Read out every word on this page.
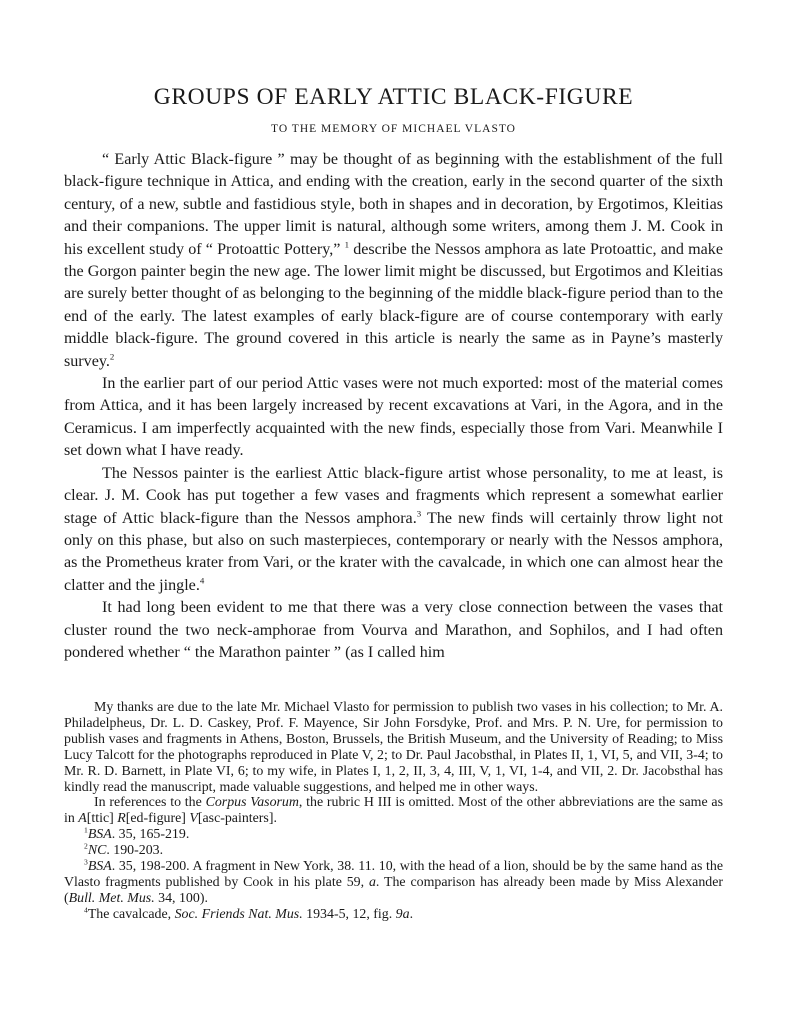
GROUPS OF EARLY ATTIC BLACK-FIGURE
TO THE MEMORY OF MICHAEL VLASTO

“ Early Attic Black-figure ” may be thought of as beginning with the establishment of the full black-figure technique in Attica, and ending with the creation, early in the second quarter of the sixth century, of a new, subtle and fastidious style, both in shapes and in decoration, by Ergotimos, Kleitias and their companions. The upper limit is natural, although some writers, among them J. M. Cook in his excellent study of “ Protoattic Pottery,” $^1$ describe the Nessos amphora as late Protoattic, and make the Gorgon painter begin the new age. The lower limit might be discussed, but Ergotimos and Kleitias are surely better thought of as belonging to the beginning of the middle black-figure period than to the end of the early. The latest examples of early black-figure are of course contemporary with early middle black-figure. The ground covered in this article is nearly the same as in Payne’s masterly survey.$^2$

In the earlier part of our period Attic vases were not much exported: most of the material comes from Attica, and it has been largely increased by recent excavations at Vari, in the Agora, and in the Ceramicus. I am imperfectly acquainted with the new finds, especially those from Vari. Meanwhile I set down what I have ready.

The Nessos painter is the earliest Attic black-figure artist whose personality, to me at least, is clear. J. M. Cook has put together a few vases and fragments which represent a somewhat earlier stage of Attic black-figure than the Nessos amphora.$^3$ The new finds will certainly throw light not only on this phase, but also on such masterpieces, contemporary or nearly with the Nessos amphora, as the Prometheus krater from Vari, or the krater with the cavalcade, in which one can almost hear the clatter and the jingle.$^4$

It had long been evident to me that there was a very close connection between the vases that cluster round the two neck-amphorae from Vourva and Marathon, and Sophilos, and I had often pondered whether “ the Marathon painter ” (as I called him

My thanks are due to the late Mr. Michael Vlasto for permission to publish two vases in his collection; to Mr. A. Philadelpheus, Dr. L. D. Caskey, Prof. F. Mayence, Sir John Forsdyke, Prof. and Mrs. P. N. Ure, for permission to publish vases and fragments in Athens, Boston, Brussels, the British Museum, and the University of Reading; to Miss Lucy Talcott for the photographs reproduced in Plate V, 2; to Dr. Paul Jacobsthal, in Plates II, 1, VI, 5, and VII, 3-4; to Mr. R. D. Barnett, in Plate VI, 6; to my wife, in Plates I, 1, 2, II, 3, 4, III, V, 1, VI, 1-4, and VII, 2. Dr. Jacobsthal has kindly read the manuscript, made valuable suggestions, and helped me in other ways.

In references to the Corpus Vasorum, the rubric H III is omitted. Most of the other abbreviations are the same as in A[ttic] R[ed-figure] V[asc-painters].

$^1$BSA. 35, 165-219.

$^2$NC. 190-203.

$^3$BSA. 35, 198-200. A fragment in New York, 38. 11. 10, with the head of a lion, should be by the same hand as the Vlasto fragments published by Cook in his plate 59, a. The comparison has already been made by Miss Alexander (Bull. Met. Mus. 34, 100).

$^4$The cavalcade, Soc. Friends Nat. Mus. 1934-5, 12, fig. 9a.
